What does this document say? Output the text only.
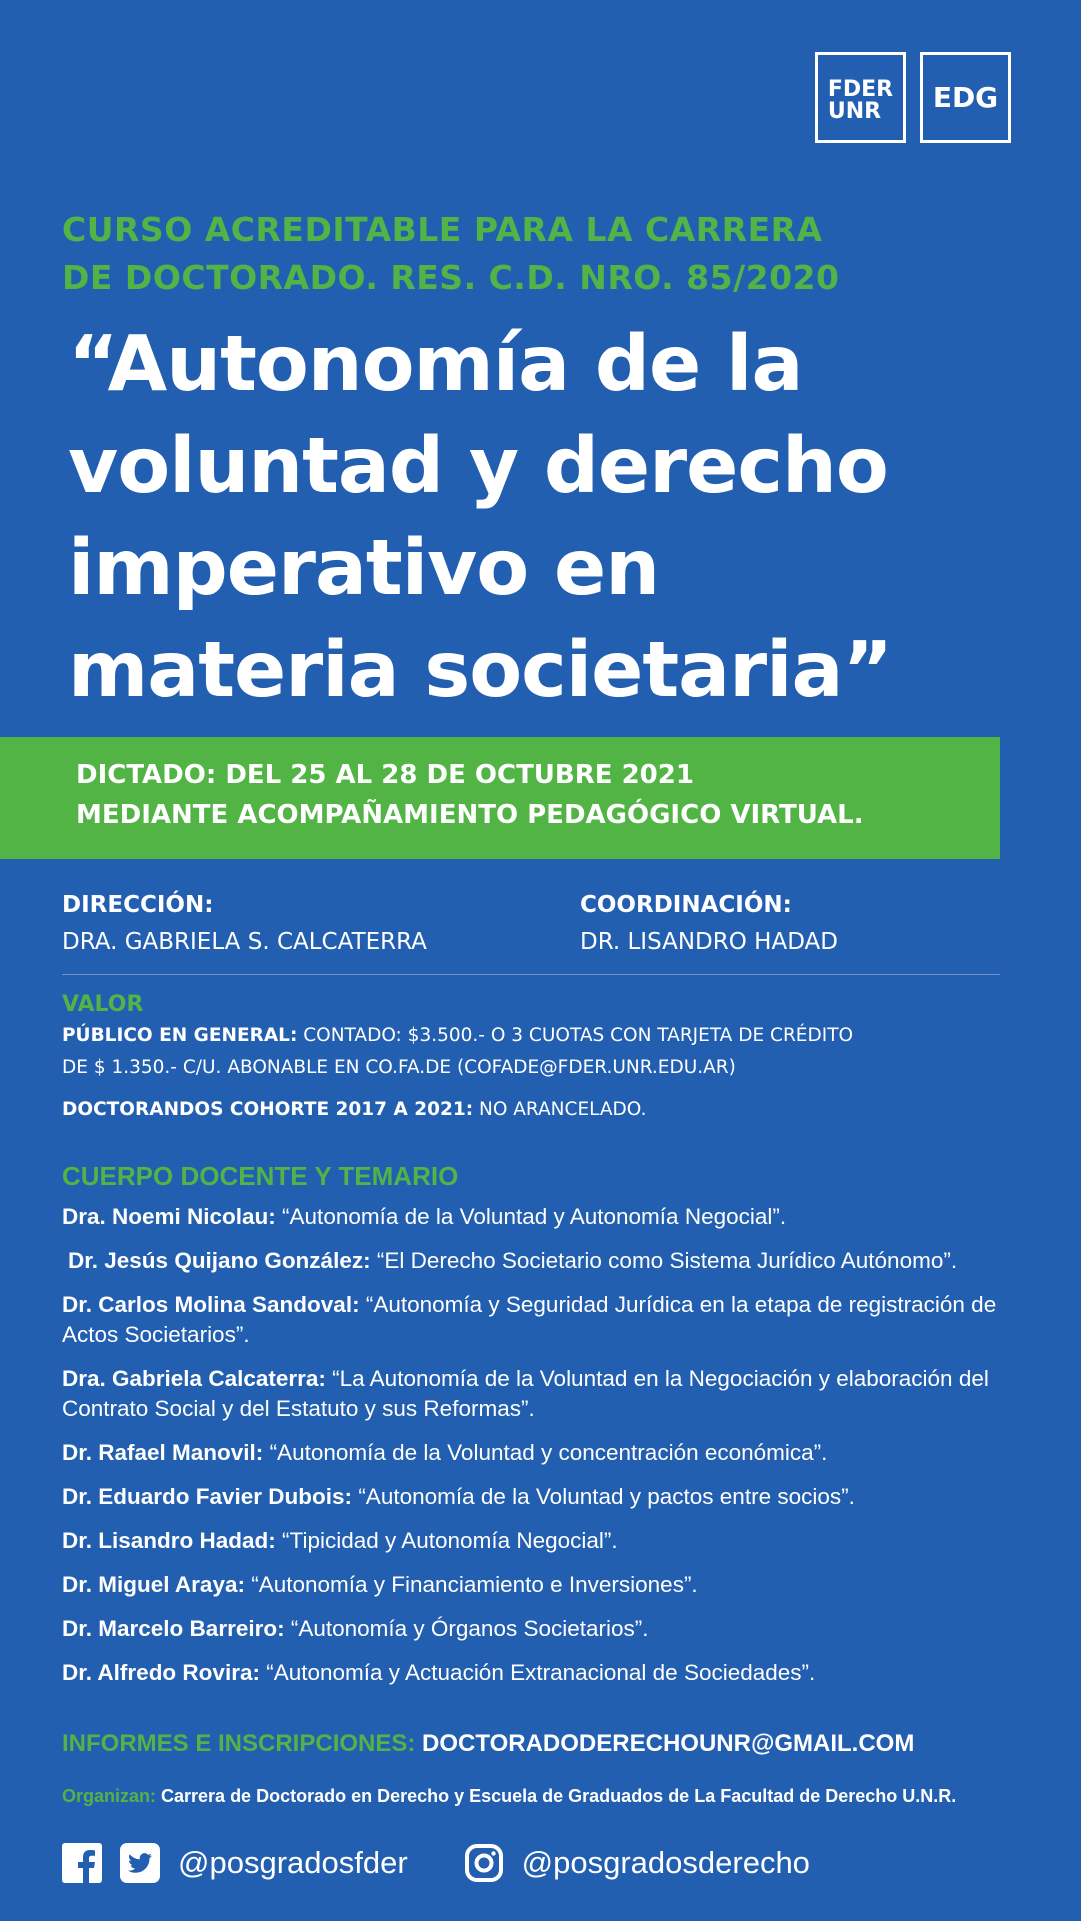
FDER
UNR	EDG
CURSO ACREDITABLE PARA LA CARRERA
DE DOCTORADO. RES. C.D. NRO. 85/2020
“Autonomía de la
voluntad y derecho
imperativo en
materia societaria”
DICTADO: DEL 25 AL 28 DE OCTUBRE 2021
MEDIANTE ACOMPAÑAMIENTO PEDAGÓGICO VIRTUAL.
DIRECCIÓN:
DRA. GABRIELA S. CALCATERRA
COORDINACIÓN:
DR. LISANDRO HADAD
VALOR
PÚBLICO EN GENERAL: CONTADO: $3.500.- O 3 CUOTAS CON TARJETA DE CRÉDITO
DE $ 1.350.- C/U. ABONABLE EN CO.FA.DE (COFADE@FDER.UNR.EDU.AR)
DOCTORANDOS COHORTE 2017 A 2021: NO ARANCELADO.
CUERPO DOCENTE Y TEMARIO
Dra. Noemi Nicolau: “Autonomía de la Voluntad y Autonomía Negocial”.
Dr. Jesús Quijano González: “El Derecho Societario como Sistema Jurídico Autónomo”.
Dr. Carlos Molina Sandoval: “Autonomía y Seguridad Jurídica en la etapa de registración de Actos Societarios”.
Dra. Gabriela Calcaterra: “La Autonomía de la Voluntad en la Negociación y elaboración del Contrato Social y del Estatuto y sus Reformas”.
Dr. Rafael Manovil: “Autonomía de la Voluntad y concentración económica”.
Dr. Eduardo Favier Dubois: “Autonomía de la Voluntad y pactos entre socios”.
Dr. Lisandro Hadad: “Tipicidad y Autonomía Negocial”.
Dr. Miguel Araya: “Autonomía y Financiamiento e Inversiones”.
Dr. Marcelo Barreiro: “Autonomía y Órganos Societarios”.
Dr. Alfredo Rovira: “Autonomía y Actuación Extranacional de Sociedades”.
INFORMES E INSCRIPCIONES: DOCTORADODERECHOUNR@GMAIL.COM
Organizan: Carrera de Doctorado en Derecho y Escuela de Graduados de La Facultad de Derecho U.N.R.
@posgradosfder	@posgradosderecho
